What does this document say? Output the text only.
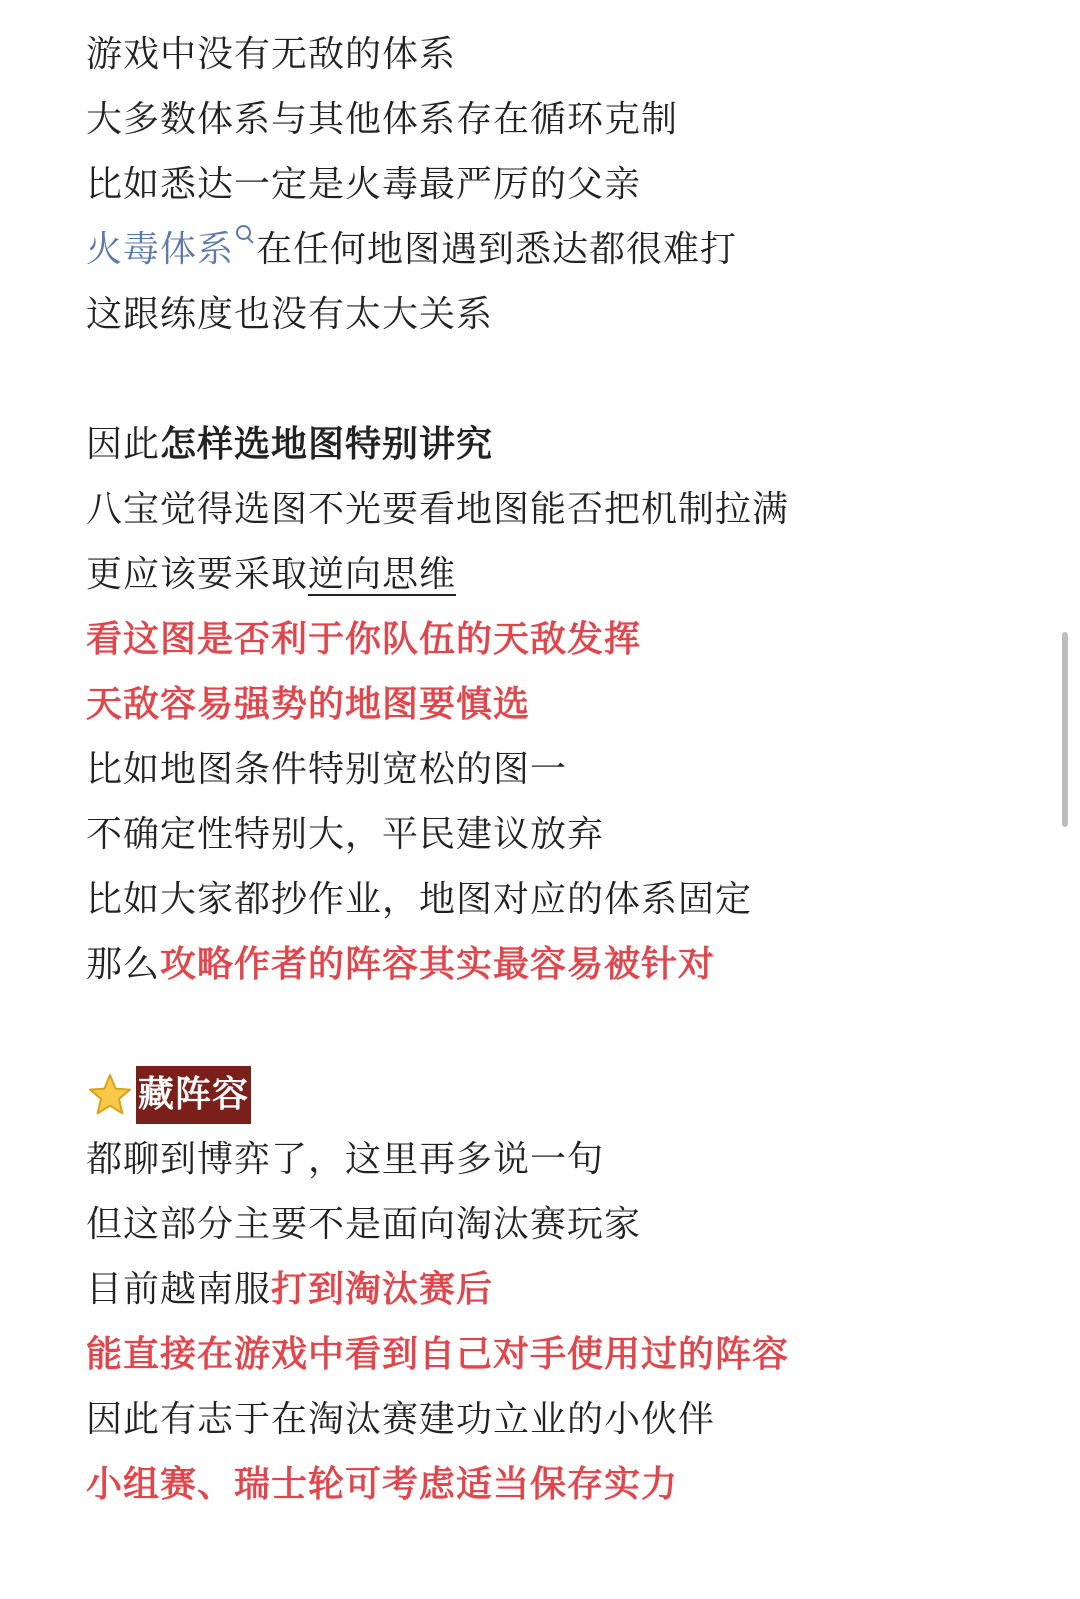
游戏中没有无敌的体系
大多数体系与其他体系存在循环克制
比如悉达一定是火毒最严厉的父亲
火毒体系 在任何地图遇到悉达都很难打
这跟练度也没有太大关系
因此怎样选地图特别讲究
八宝觉得选图不光要看地图能否把机制拉满
更应该要采取逆向思维
看这图是否利于你队伍的天敌发挥
天敌容易强势的地图要慎选
比如地图条件特别宽松的图一
不确定性特别大，平民建议放弃
比如大家都抄作业，地图对应的体系固定
那么攻略作者的阵容其实最容易被针对
藏阵容
都聊到博弈了，这里再多说一句
但这部分主要不是面向淘汰赛玩家
目前越南服打到淘汰赛后
能直接在游戏中看到自己对手使用过的阵容
因此有志于在淘汰赛建功立业的小伙伴
小组赛、瑞士轮可考虑适当保存实力
